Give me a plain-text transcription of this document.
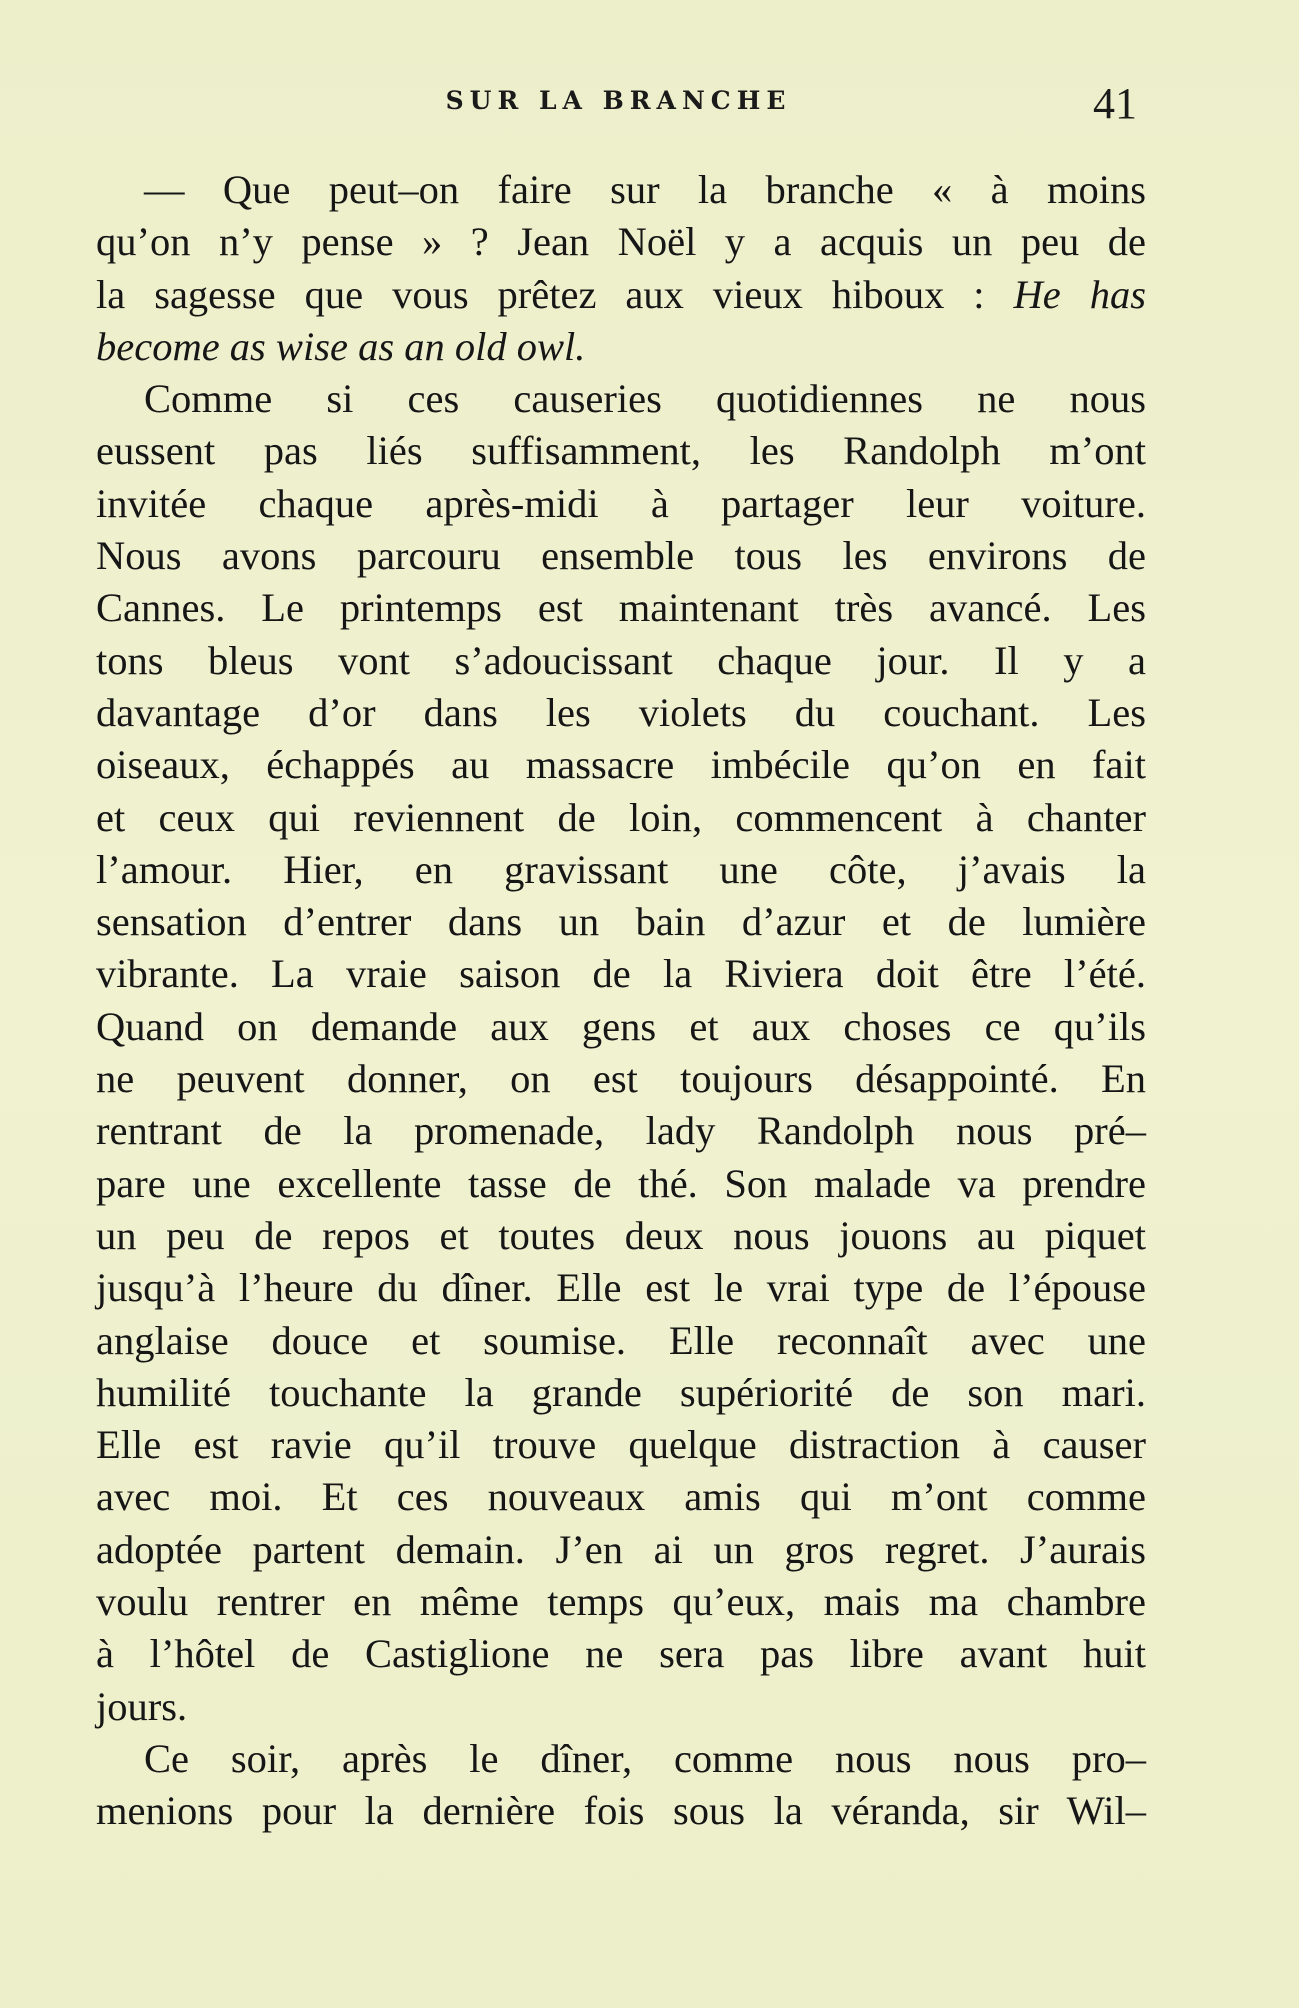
SUR LA BRANCHE	41
— Que peut–on faire sur la branche « à moins
qu’on n’y pense » ? Jean Noël y a acquis un peu de
la sagesse que vous prêtez aux vieux hiboux : He has
become as wise as an old owl.
Comme si ces causeries quotidiennes ne nous
eussent pas liés suffisamment, les Randolph m’ont
invitée chaque après-midi à partager leur voiture.
Nous avons parcouru ensemble tous les environs de
Cannes. Le printemps est maintenant très avancé. Les
tons bleus vont s’adoucissant chaque jour. Il y a
davantage d’or dans les violets du couchant. Les
oiseaux, échappés au massacre imbécile qu’on en fait
et ceux qui reviennent de loin, commencent à chanter
l’amour. Hier, en gravissant une côte, j’avais la
sensation d’entrer dans un bain d’azur et de lumière
vibrante. La vraie saison de la Riviera doit être l’été.
Quand on demande aux gens et aux choses ce qu’ils
ne peuvent donner, on est toujours désappointé. En
rentrant de la promenade, lady Randolph nous pré–
pare une excellente tasse de thé. Son malade va prendre
un peu de repos et toutes deux nous jouons au piquet
jusqu’à l’heure du dîner. Elle est le vrai type de l’épouse
anglaise douce et soumise. Elle reconnaît avec une
humilité touchante la grande supériorité de son mari.
Elle est ravie qu’il trouve quelque distraction à causer
avec moi. Et ces nouveaux amis qui m’ont comme
adoptée partent demain. J’en ai un gros regret. J’aurais
voulu rentrer en même temps qu’eux, mais ma chambre
à l’hôtel de Castiglione ne sera pas libre avant huit
jours.
Ce soir, après le dîner, comme nous nous pro–
menions pour la dernière fois sous la véranda, sir Wil–
